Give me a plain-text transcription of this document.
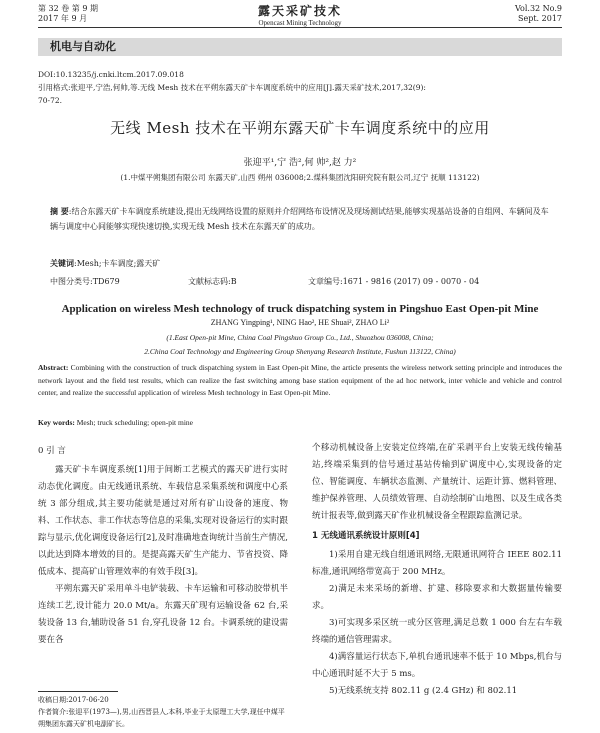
第 32 卷 第 9 期
2017 年 9 月
露天采矿技术
Opencast Mining Technology
Vol.32 No.9
Sept. 2017
机电与自动化
DOI:10.13235/j.cnki.ltcm.2017.09.018
引用格式:张迎平,宁浩,何帅,等.无线 Mesh 技术在平朔东露天矿卡车调度系统中的应用[J].露天采矿技术,2017,32(9):
70-72.
无线 Mesh 技术在平朔东露天矿卡车调度系统中的应用
张迎平¹,宁 浩²,何 帅²,赵 力²
(1.中煤平朔集团有限公司 东露天矿,山西 朔州 036008;2.煤科集团沈阳研究院有限公司,辽宁 抚顺 113122)
摘 要:结合东露天矿卡车调度系统建设,提出无线网络设置的原则并介绍网络布设情况及现场测试结果,能够实现基站设备的自组网、车辆间及车辆与调度中心间能够实现快速切换,实现无线 Mesh 技术在东露天矿的成功。
关键词:Mesh;卡车调度;露天矿
中图分类号:TD679	文献标志码:B	文章编号:1671 - 9816 (2017) 09 - 0070 - 04
Application on wireless Mesh technology of truck dispatching system in Pingshuo East Open-pit Mine
ZHANG Yingping¹, NING Hao², HE Shuai², ZHAO Li²
(1.East Open-pit Mine, China Coal Pingshuo Group Co., Ltd., Shuozhou 036008, China;
2.China Coal Technology and Engineering Group Shenyang Research Institute, Fushun 113122, China)
Abstract: Combining with the construction of truck dispatching system in East Open-pit Mine, the article presents the wireless network setting principle and introduces the network layout and the field test results, which can realize the fast switching among base station equipment of the ad hoc network, inter vehicle and vehicle and control center, and realize the successful application of wireless Mesh technology in East Open-pit Mine.
Key words: Mesh; truck scheduling; open-pit mine
0 引 言

露天矿卡车调度系统[1]用于间断工艺模式的露天矿进行实时动态优化调度。由无线通讯系统、车载信息采集系统和调度中心系统 3 部分组成,其主要功能就是通过对所有矿山设备的速度、物料、工作状态、非工作状态等信息的采集,实现对设备运行的实时跟踪与显示,优化调度设备运行[2],及时准确地查询统计当前生产情况,以此达到降本增效的目的。是提高露天矿生产能力、节省投资、降低成本、提高矿山管理效率的有效手段[3]。

平朔东露天矿采用单斗电铲装载、卡车运输和可移动胶带机半连续工艺,设计能力 20.0 Mt/a。东露天矿现有运输设备 62 台,采装设备 13 台,辅助设备 51 台,穿孔设备 12 台。卡调系统的建设需要在各

个移动机械设备上安装定位终端,在矿采剥平台上安装无线传输基站,终端采集到的信号通过基站传输到矿调度中心,实现设备的定位、智能调度、车辆状态监测、产量统计、运距计算、燃料管理、维护保养管理、人员绩效管理、自动绘制矿山地图、以及生成各类统计报表等,做到露天矿作业机械设备全程跟踪监测记录。

1 无线通讯系统设计原则[4]

1)采用自建无线自组通讯网络,无限通讯网符合 IEEE 802.11 标准,通讯网络带宽高于 200 MHz。

2)满足未来采场的新增、扩建、移除要求和大数据量传输要求。

3)可实现多采区统一或分区管理,满足总数 1 000 台左右车载终端的通信管理需求。

4)满容量运行状态下,单机台通讯速率不低于 10 Mbps,机台与中心通讯时延不大于 5 ms。

5)无线系统支持 802.11 g (2.4 GHz) 和 802.11

收稿日期:2017-06-20
作者简介:张迎平(1973—),男,山西晋县人,本科,毕业于太原理工大学,现任中煤平朔集团东露天矿机电副矿长。
